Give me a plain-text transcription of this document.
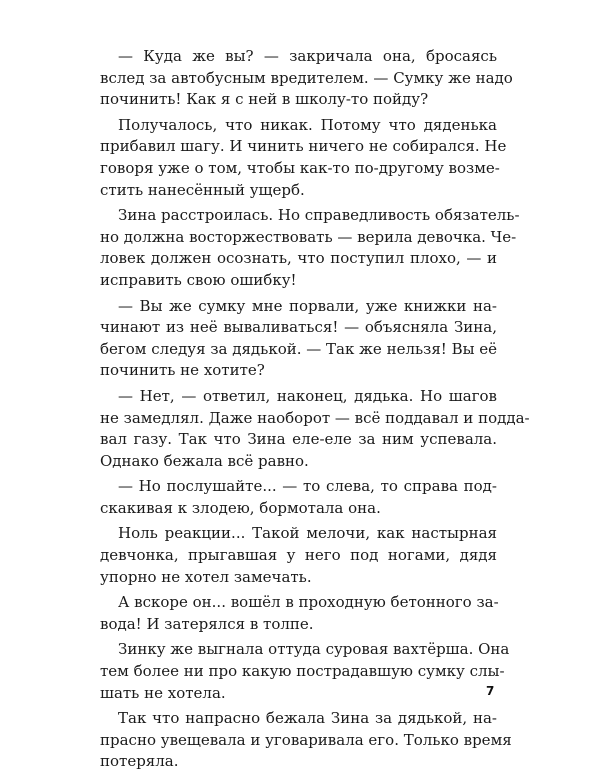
— Куда же вы? — закричала она, бросаясь
вслед за автобусным вредителем. — Сумку же надо
починить! Как я с ней в школу-то пойду?

Получалось, что никак. Потому что дяденька
прибавил шагу. И чинить ничего не собирался. Не
говоря уже о том, чтобы как-то по-другому возме-
стить нанесённый ущерб.

Зина расстроилась. Но справедливость обязатель-
но должна восторжествовать — верила девочка. Че-
ловек должен осознать, что поступил плохо, — и
исправить свою ошибку!

— Вы же сумку мне порвали, уже книжки на-
чинают из неё вываливаться! — объясняла Зина,
бегом следуя за дядькой. — Так же нельзя! Вы её
починить не хотите?

— Нет, — ответил, наконец, дядька. Но шагов
не замедлял. Даже наоборот — всё поддавал и подда-
вал газу. Так что Зина еле-еле за ним успевала.
Однако бежала всё равно.

— Но послушайте... — то слева, то справа под-
скакивая к злодею, бормотала она.

Ноль реакции... Такой мелочи, как настырная
девчонка, прыгавшая у него под ногами, дядя
упорно не хотел замечать.

А вскоре он... вошёл в проходную бетонного за-
вода! И затерялся в толпе.

Зинку же выгнала оттуда суровая вахтёрша. Она
тем более ни про какую пострадавшую сумку слы-
шать не хотела.

Так что напрасно бежала Зина за дядькой, на-
прасно увещевала и уговаривала его. Только время
потеряла.

7
